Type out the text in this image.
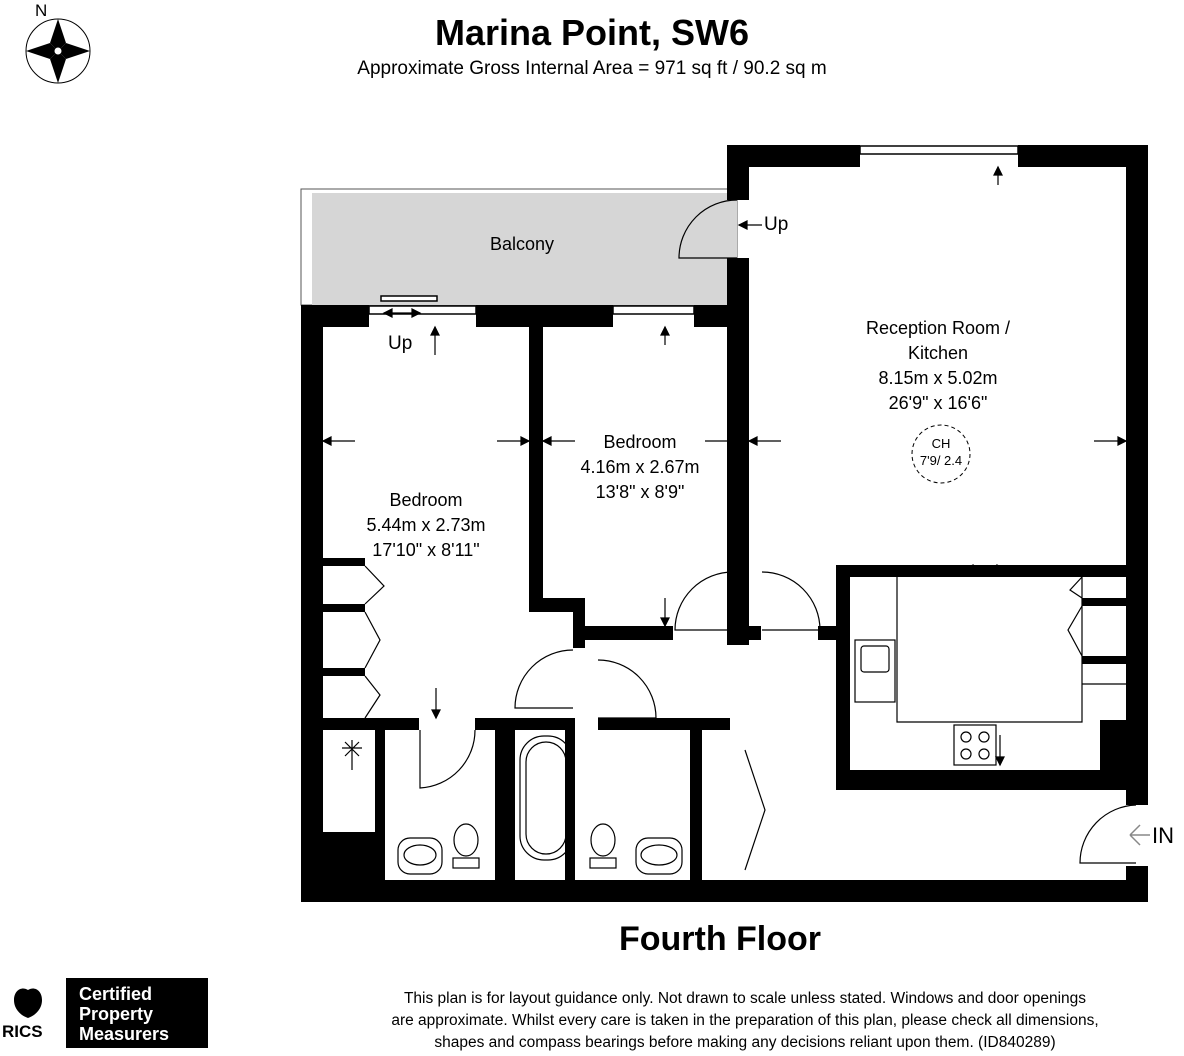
Marina Point, SW6
Approximate Gross Internal Area = 971 sq ft / 90.2 sq m
Balcony
Bedroom
5.44m x 2.73m
17'10" x 8'11"
Bedroom
4.16m x 2.67m
13'8" x 8'9"
Reception Room /
Kitchen
8.15m x 5.02m
26'9" x 16'6"
CH
7'9/ 2.4
Up
Up
IN
N
Fourth Floor
This plan is for layout guidance only. Not drawn to scale unless stated. Windows and door openings
are approximate. Whilst every care is taken in the preparation of this plan, please check all dimensions,
shapes and compass bearings before making any decisions reliant upon them. (ID840289)
RICS
Certified
Property
Measurers
